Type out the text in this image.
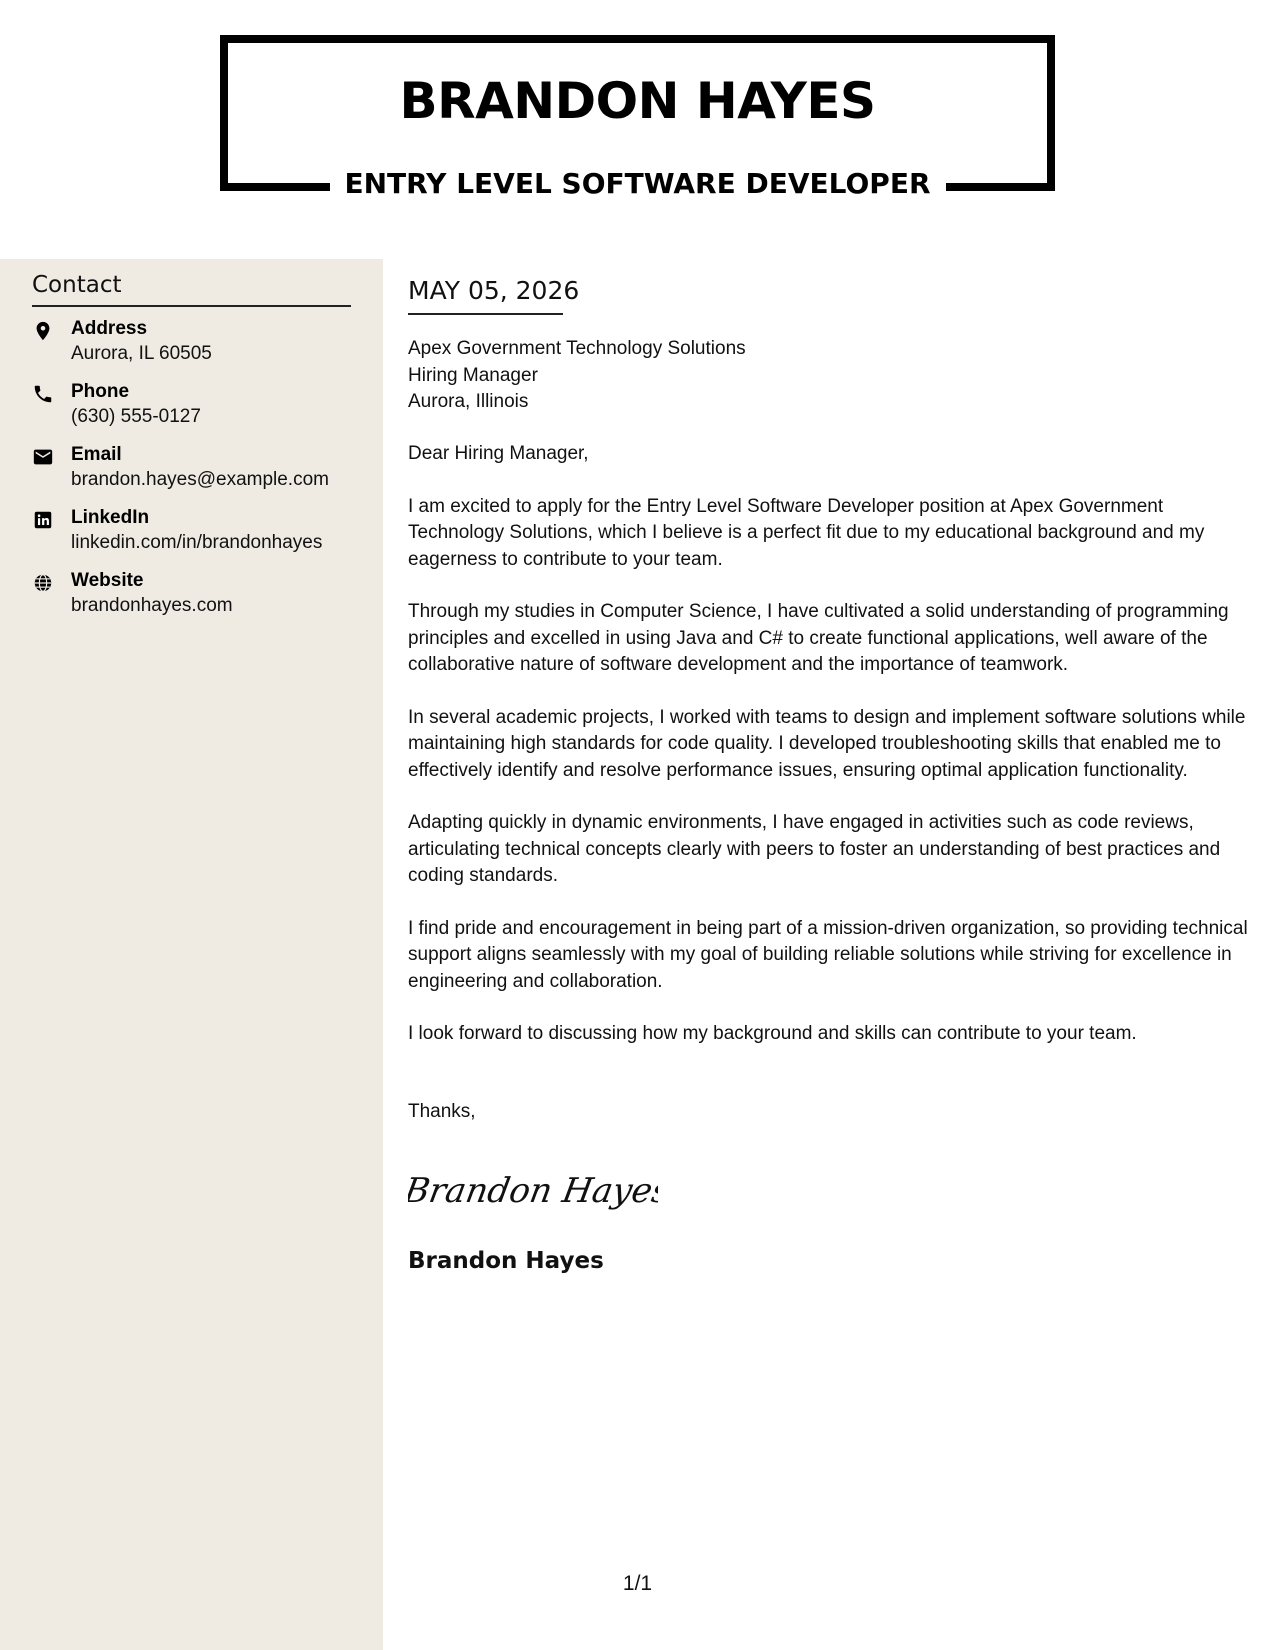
BRANDON HAYES
ENTRY LEVEL SOFTWARE DEVELOPER
Contact
Address
Aurora, IL 60505
Phone
(630) 555-0127
Email
brandon.hayes@example.com
LinkedIn
linkedin.com/in/brandonhayes
Website
brandonhayes.com
MAY 05, 2026
Apex Government Technology Solutions
Hiring Manager
Aurora, Illinois

Dear Hiring Manager,

I am excited to apply for the Entry Level Software Developer position at Apex Government Technology Solutions, which I believe is a perfect fit due to my educational background and my eagerness to contribute to your team.

Through my studies in Computer Science, I have cultivated a solid understanding of programming principles and excelled in using Java and C# to create functional applications, well aware of the collaborative nature of software development and the importance of teamwork.

In several academic projects, I worked with teams to design and implement software solutions while maintaining high standards for code quality. I developed troubleshooting skills that enabled me to effectively identify and resolve performance issues, ensuring optimal application functionality.

Adapting quickly in dynamic environments, I have engaged in activities such as code reviews, articulating technical concepts clearly with peers to foster an understanding of best practices and coding standards.

I find pride and encouragement in being part of a mission-driven organization, so providing technical support aligns seamlessly with my goal of building reliable solutions while striving for excellence in engineering and collaboration.

I look forward to discussing how my background and skills can contribute to your team.

Thanks,
Brandon Hayes
Brandon Hayes
1/1
